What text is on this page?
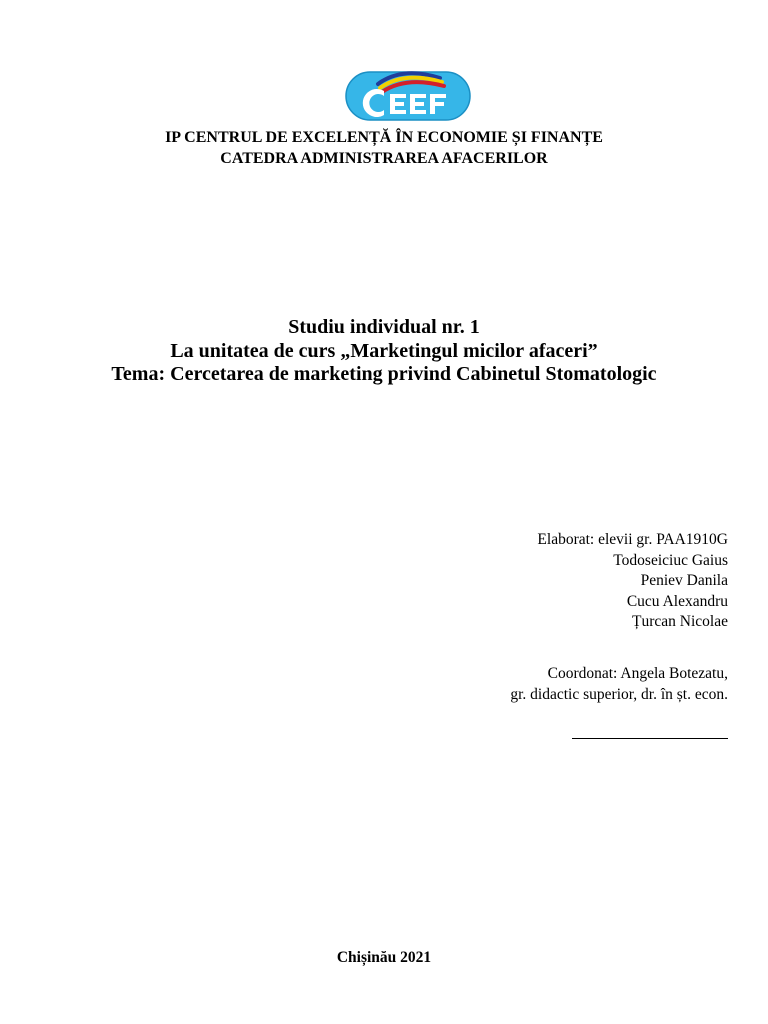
IP CENTRUL DE EXCELENȚĂ ÎN ECONOMIE ȘI FINANȚE
CATEDRA ADMINISTRAREA AFACERILOR
Studiu individual nr. 1
La unitatea de curs „Marketingul micilor afaceri”
Tema: Cercetarea de marketing privind Cabinetul Stomatologic
Elaborat: elevii gr. PAA1910G
Todoseiciuc Gaius
Peniev Danila
Cucu Alexandru
Țurcan Nicolae
Coordonat: Angela Botezatu,
gr. didactic superior, dr. în șt. econ.
Chișinău 2021
